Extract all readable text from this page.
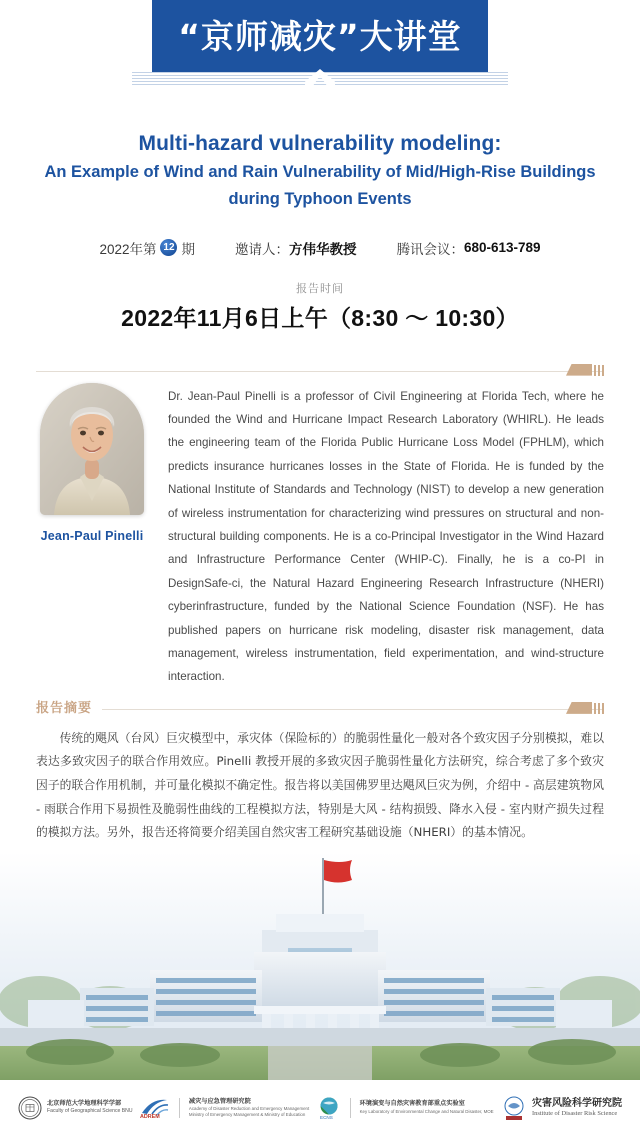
“京师减灾”大讲堂
Multi-hazard vulnerability modeling:
An Example of Wind and Rain Vulnerability of Mid/High-Rise Buildings
during Typhoon Events
2022年第 12 期	邀请人： 方伟华教授	腾讯会议： 680-613-789
报告时间
2022年11月6日上午（8:30 ～ 10:30）
Jean-Paul Pinelli
Dr. Jean-Paul Pinelli is a professor of Civil Engineering at Florida Tech, where he founded the Wind and Hurricane Impact Research Laboratory (WHIRL). He leads the engineering team of the Florida Public Hurricane Loss Model (FPHLM), which predicts insurance hurricanes losses in the State of Florida. He is funded by the National Institute of Standards and Technology (NIST) to develop a new generation of wireless instrumentation for characterizing wind pressures on structural and non-structural building components. He is a co-Principal Investigator in the Wind Hazard and Infrastructure Performance Center (WHIP-C). Finally, he is a co-PI in DesignSafe-ci, the Natural Hazard Engineering Research Infrastructure (NHERI) cyberinfrastructure, funded by the National Science Foundation (NSF). He has published papers on hurricane risk modeling, disaster risk management, data management, wireless instrumentation, field experimentation, and wind-structure interaction.
报告摘要
传统的飓风（台风）巨灾模型中，承灾体（保险标的）的脆弱性量化一般对各个致灾因子分别模拟，难以表达多致灾因子的联合作用效应。Pinelli 教授开展的多致灾因子脆弱性量化方法研究，综合考虑了多个致灾因子的联合作用机制，并可量化模拟不确定性。报告将以美国佛罗里达飓风巨灾为例，介绍中 - 高层建筑物风 - 雨联合作用下易损性及脆弱性曲线的工程模拟方法，特别是大风 - 结构损毁、降水入侵 - 室内财产损失过程的模拟方法。另外，报告还将简要介绍美国自然灾害工程研究基础设施（NHERI）的基本情况。
北京师范大学地理科学学部
Faculty of Geographical Science BNU
ADREM
减灾与应急管理研究院
Academy of Disaster Reduction and Emergency Management
Ministry of Emergency Management & Ministry of Education
ECNS
环境演变与自然灾害教育部重点实验室
Key Laboratory of Environmental Change and Natural Disaster, MOE
灾害风险科学研究院
Institute of Disaster Risk Science
